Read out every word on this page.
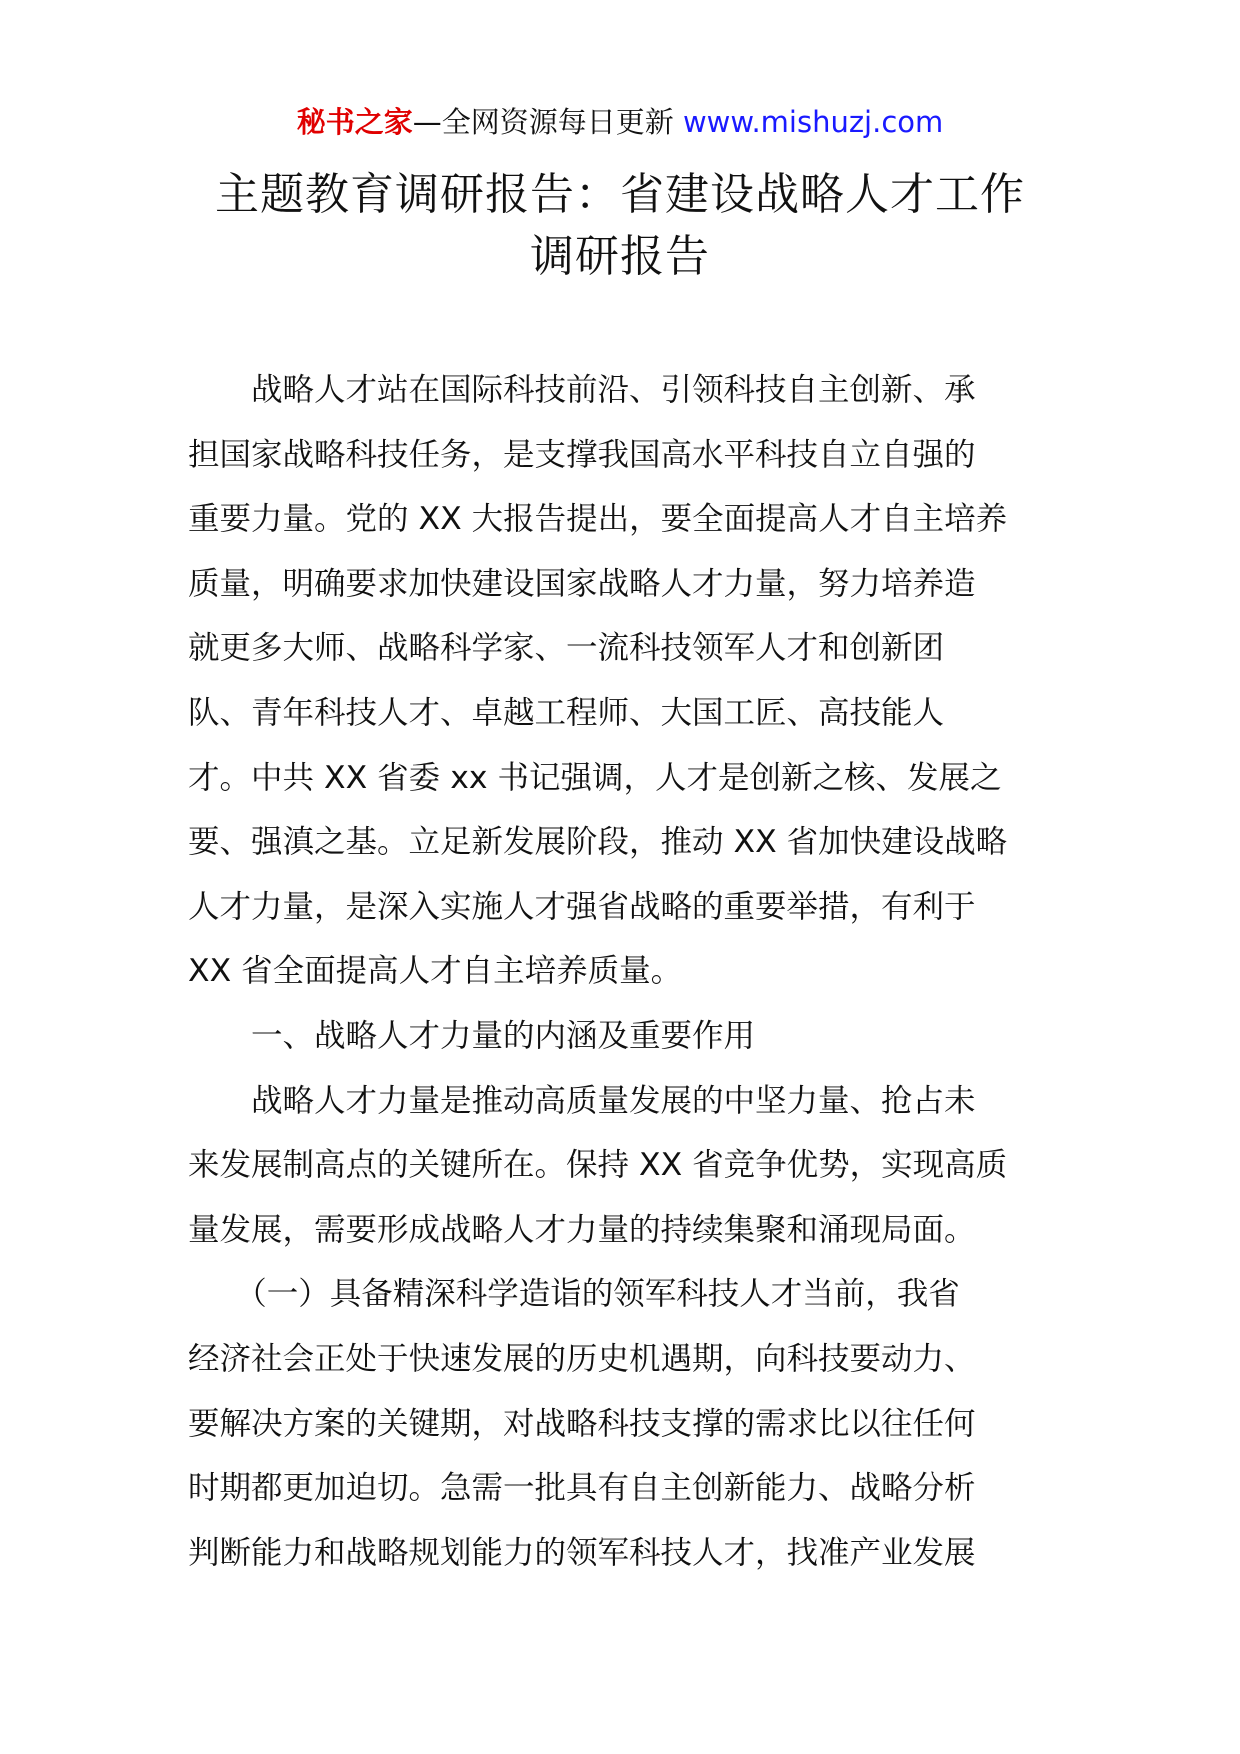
秘书之家—全网资源每日更新 www.mishuzj.com
主题教育调研报告：省建设战略人才工作
调研报告
　　战略人才站在国际科技前沿、引领科技自主创新、承
担国家战略科技任务，是支撑我国高水平科技自立自强的
重要力量。党的 XX 大报告提出，要全面提高人才自主培养
质量，明确要求加快建设国家战略人才力量，努力培养造
就更多大师、战略科学家、一流科技领军人才和创新团
队、青年科技人才、卓越工程师、大国工匠、高技能人
才。中共 XX 省委 xx 书记强调，人才是创新之核、发展之
要、强滇之基。立足新发展阶段，推动 XX 省加快建设战略
人才力量，是深入实施人才强省战略的重要举措，有利于
XX 省全面提高人才自主培养质量。
　　一、战略人才力量的内涵及重要作用
　　战略人才力量是推动高质量发展的中坚力量、抢占未
来发展制高点的关键所在。保持 XX 省竞争优势，实现高质
量发展，需要形成战略人才力量的持续集聚和涌现局面。
　　（一）具备精深科学造诣的领军科技人才当前，我省
经济社会正处于快速发展的历史机遇期，向科技要动力、
要解决方案的关键期，对战略科技支撑的需求比以往任何
时期都更加迫切。急需一批具有自主创新能力、战略分析
判断能力和战略规划能力的领军科技人才，找准产业发展
